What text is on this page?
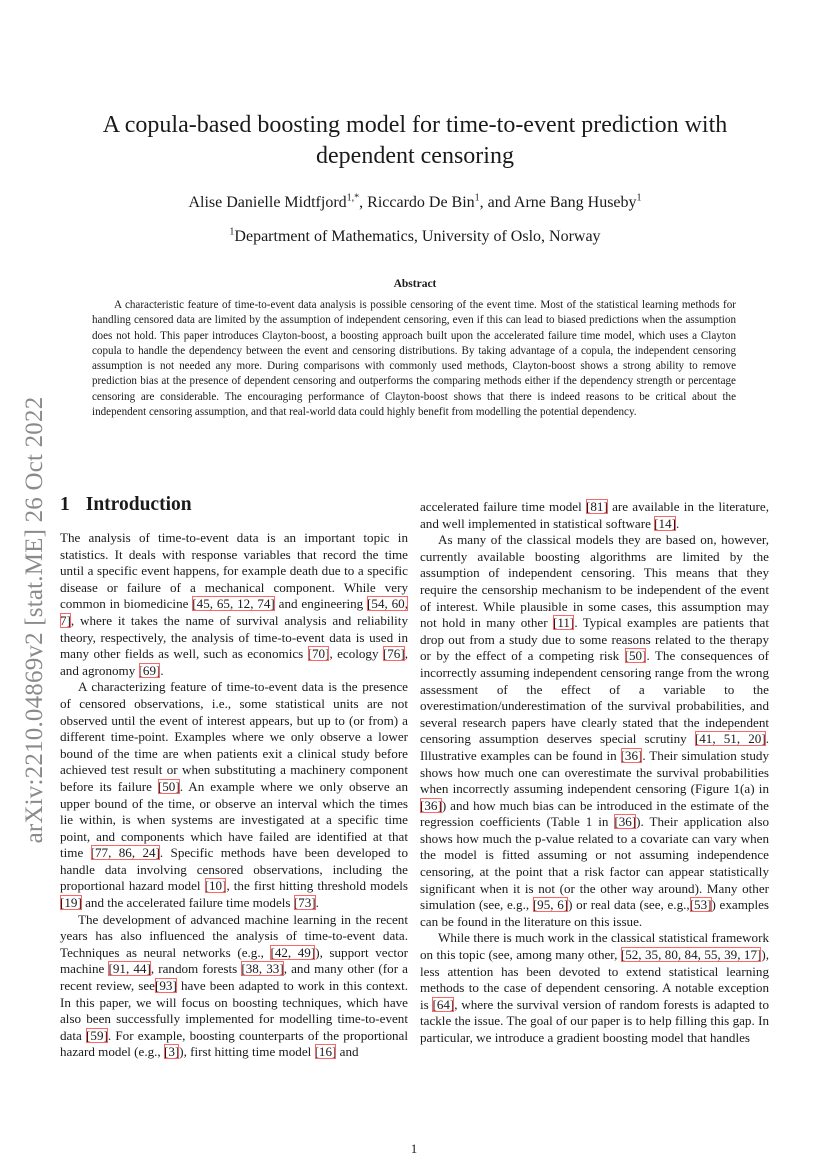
arXiv:2210.04869v2 [stat.ME] 26 Oct 2022
A copula-based boosting model for time-to-event prediction with
dependent censoring
Alise Danielle Midtfjord$^{1,*}$, Riccardo De Bin$^1$, and Arne Bang Huseby$^1$
$^1$Department of Mathematics, University of Oslo, Norway
Abstract

A characteristic feature of time-to-event data analysis is possible censoring of the event time. Most of the statistical learning methods for handling censored data are limited by the assumption of independent censoring, even if this can lead to biased predictions when the assumption does not hold. This paper introduces Clayton-boost, a boosting approach built upon the accelerated failure time model, which uses a Clayton copula to handle the dependency between the event and censoring distributions. By taking advantage of a copula, the independent censoring assumption is not needed any more. During comparisons with commonly used methods, Clayton-boost shows a strong ability to remove prediction bias at the presence of dependent censoring and outperforms the comparing methods either if the dependency strength or percentage censoring are considerable. The encouraging performance of Clayton-boost shows that there is indeed reasons to be critical about the independent censoring assumption, and that real-world data could highly benefit from modelling the potential dependency.

1 Introduction

The analysis of time-to-event data is an important topic in statistics. It deals with response variables that record the time until a specific event happens, for example death due to a specific disease or failure of a mechanical component. While very common in biomedicine [45, 65, 12, 74] and engineering [54, 60, 7], where it takes the name of survival analysis and reliability theory, respectively, the analysis of time-to-event data is used in many other fields as well, such as economics [70], ecology [76], and agronomy [69].

A characterizing feature of time-to-event data is the presence of censored observations, i.e., some statistical units are not observed until the event of interest appears, but up to (or from) a different time-point. Examples where we only observe a lower bound of the time are when patients exit a clinical study before achieved test result or when substituting a machinery component before its failure [50]. An example where we only observe an upper bound of the time, or observe an interval which the times lie within, is when systems are investigated at a specific time point, and components which have failed are identified at that time [77, 86, 24]. Specific methods have been developed to handle data involving censored observations, including the proportional hazard model [10], the first hitting threshold models [19] and the accelerated failure time models [73].

The development of advanced machine learning in the recent years has also influenced the analysis of time-to-event data. Techniques as neural networks (e.g., [42, 49]), support vector machine [91, 44], random forests [38, 33], and many other (for a recent review, see[93] have been adapted to work in this context. In this paper, we will focus on boosting techniques, which have also been successfully implemented for modelling time-to-event data [59]. For example, boosting counterparts of the proportional hazard model (e.g., [3]), first hitting time model [16] and

accelerated failure time model [81] are available in the literature, and well implemented in statistical software [14].

As many of the classical models they are based on, however, currently available boosting algorithms are limited by the assumption of independent censoring. This means that they require the censorship mechanism to be independent of the event of interest. While plausible in some cases, this assumption may not hold in many other [11]. Typical examples are patients that drop out from a study due to some reasons related to the therapy or by the effect of a competing risk [50]. The consequences of incorrectly assuming independent censoring range from the wrong assessment of the effect of a variable to the overestimation/underestimation of the survival probabilities, and several research papers have clearly stated that the independent censoring assumption deserves special scrutiny [41, 51, 20]. Illustrative examples can be found in [36]. Their simulation study shows how much one can overestimate the survival probabilities when incorrectly assuming independent censoring (Figure 1(a) in [36]) and how much bias can be introduced in the estimate of the regression coefficients (Table 1 in [36]). Their application also shows how much the p-value related to a covariate can vary when the model is fitted assuming or not assuming independence censoring, at the point that a risk factor can appear statistically significant when it is not (or the other way around). Many other simulation (see, e.g., [95, 6]) or real data (see, e.g.,[53]) examples can be found in the literature on this issue.

While there is much work in the classical statistical framework on this topic (see, among many other, [52, 35, 80, 84, 55, 39, 17]), less attention has been devoted to extend statistical learning methods to the case of dependent censoring. A notable exception is [64], where the survival version of random forests is adapted to tackle the issue. The goal of our paper is to help filling this gap. In particular, we introduce a gradient boosting model that handles

1
